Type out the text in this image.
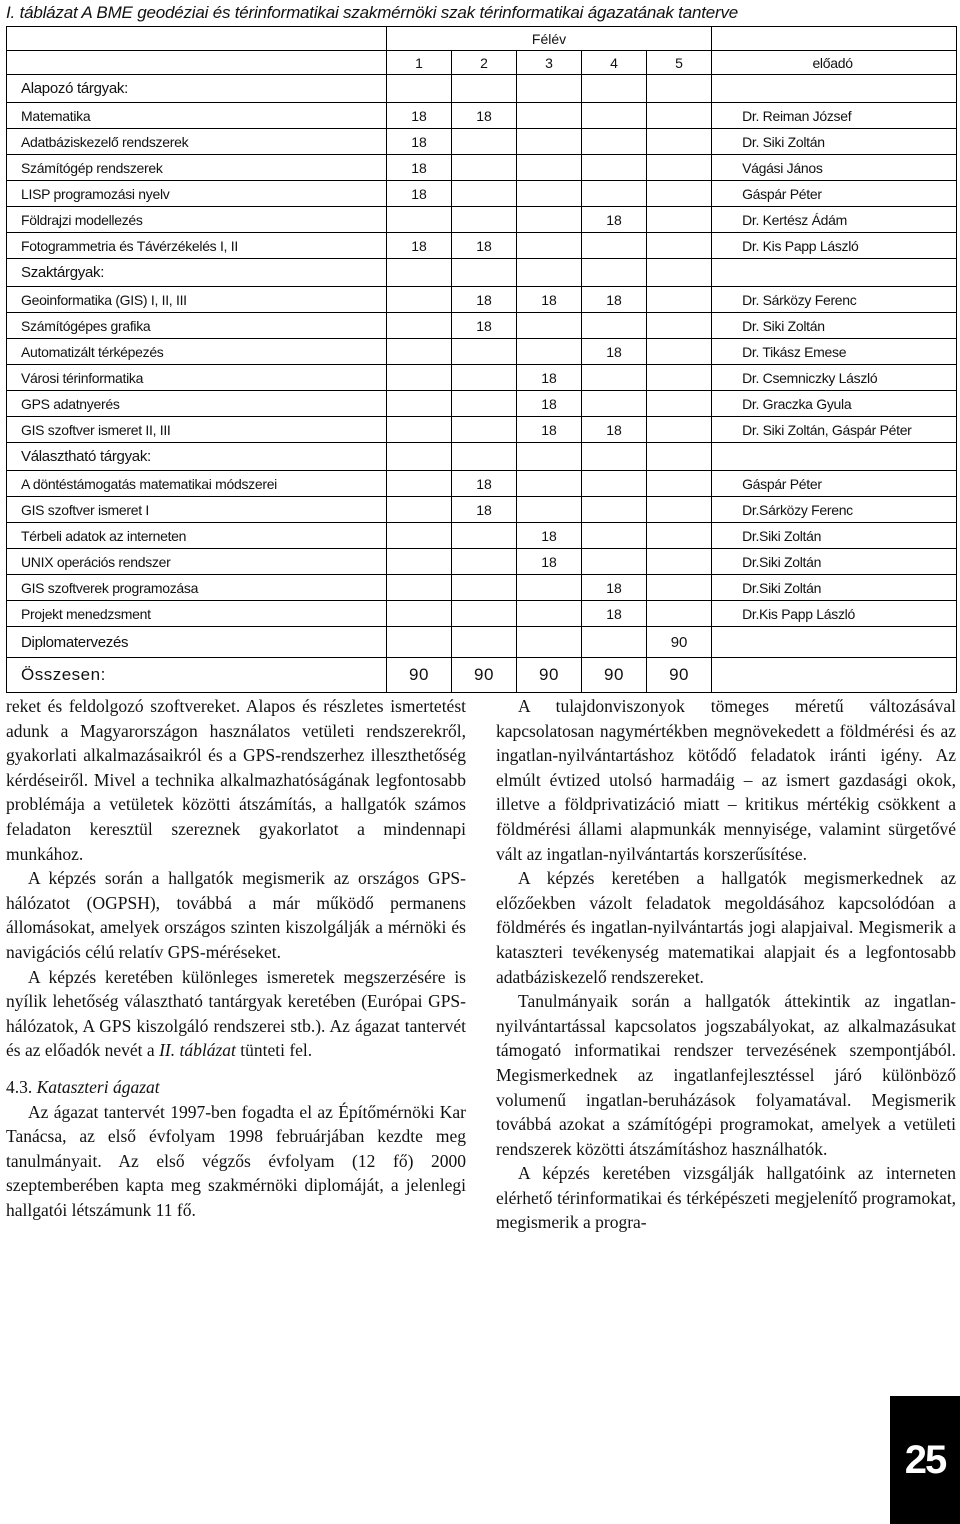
I. táblázat A BME geodéziai és térinformatikai szakmérnöki szak térinformatikai ágazatának tanterve
	Félév					
	1	2	3	4	5	előadó
Alapozó tárgyak:						
Matematika	18	18				Dr. Reiman József
Adatbáziskezelő rendszerek	18					Dr. Siki Zoltán
Számítógép rendszerek	18					Vágási János
LISP programozási nyelv	18					Gáspár Péter
Földrajzi modellezés				18		Dr. Kertész Ádám
Fotogrammetria és Távérzékelés I, II	18	18				Dr. Kis Papp László
Szaktárgyak:						
Geoinformatika (GIS) I, II, III		18	18	18		Dr. Sárközy Ferenc
Számítógépes grafika		18				Dr. Siki Zoltán
Automatizált térképezés				18		Dr. Tikász Emese
Városi térinformatika			18			Dr. Csemniczky László
GPS adatnyerés			18			Dr. Graczka Gyula
GIS szoftver ismeret II, III			18	18		Dr. Siki Zoltán, Gáspár Péter
Választható tárgyak:						
A döntéstámogatás matematikai módszerei		18				Gáspár Péter
GIS szoftver ismeret I		18				Dr.Sárközy Ferenc
Térbeli adatok az interneten			18			Dr.Siki Zoltán
UNIX operációs rendszer			18			Dr.Siki Zoltán
GIS szoftverek programozása				18		Dr.Siki Zoltán
Projekt menedzsment				18		Dr.Kis Papp László
Diplomatervezés					90	
Összesen:	90	90	90	90	90	

reket és feldolgozó szoftvereket. Alapos és részletes ismertetést adunk a Magyarországon használatos vetületi rendszerekről, gyakorlati alkalmazásaikról és a GPS-rendszerhez illeszthetőség kérdéseiről. Mivel a technika alkalmazhatóságának legfontosabb problémája a vetületek közötti átszámítás, a hallgatók számos feladaton keresztül szereznek gyakorlatot a mindennapi munkához.

A képzés során a hallgatók megismerik az országos GPS-hálózatot (OGPSH), továbbá a már működő permanens állomásokat, amelyek országos szinten kiszolgálják a mérnöki és navigációs célú relatív GPS-méréseket.

A képzés keretében különleges ismeretek megszerzésére is nyílik lehetőség választható tantárgyak keretében (Európai GPS-hálózatok, A GPS kiszolgáló rendszerei stb.). Az ágazat tantervét és az előadók nevét a II. táblázat tünteti fel.

4.3. Kataszteri ágazat

Az ágazat tantervét 1997-ben fogadta el az Építőmérnöki Kar Tanácsa, az első évfolyam 1998 februárjában kezdte meg tanulmányait. Az első végzős évfolyam (12 fő) 2000 szeptemberében kapta meg szakmérnöki diplomáját, a jelenlegi hallgatói létszámunk 11 fő.

A tulajdonviszonyok tömeges méretű változásával kapcsolatosan nagymértékben megnövekedett a földmérési és az ingatlan-nyilvántartáshoz kötődő feladatok iránti igény. Az elmúlt évtized utolsó harmadáig – az ismert gazdasági okok, illetve a földprivatizáció miatt – kritikus mértékig csökkent a földmérési állami alapmunkák mennyisége, valamint sürgetővé vált az ingatlan-nyilvántartás korszerűsítése.

A képzés keretében a hallgatók megismerkednek az előzőekben vázolt feladatok megoldásához kapcsolódóan a földmérés és ingatlan-nyilvántartás jogi alapjaival. Megismerik a kataszteri tevékenység matematikai alapjait és a legfontosabb adatbáziskezelő rendszereket.

Tanulmányaik során a hallgatók áttekintik az ingatlan-nyilvántartással kapcsolatos jogszabályokat, az alkalmazásukat támogató informatikai rendszer tervezésének szempontjából. Megismerkednek az ingatlanfejlesztéssel járó különböző volumenű ingatlan-beruházások folyamatával. Megismerik továbbá azokat a számítógépi programokat, amelyek a vetületi rendszerek közötti átszámításhoz használhatók.

A képzés keretében vizsgálják hallgatóink az interneten elérhető térinformatikai és térképészeti megjelenítő programokat, megismerik a progra-

25
